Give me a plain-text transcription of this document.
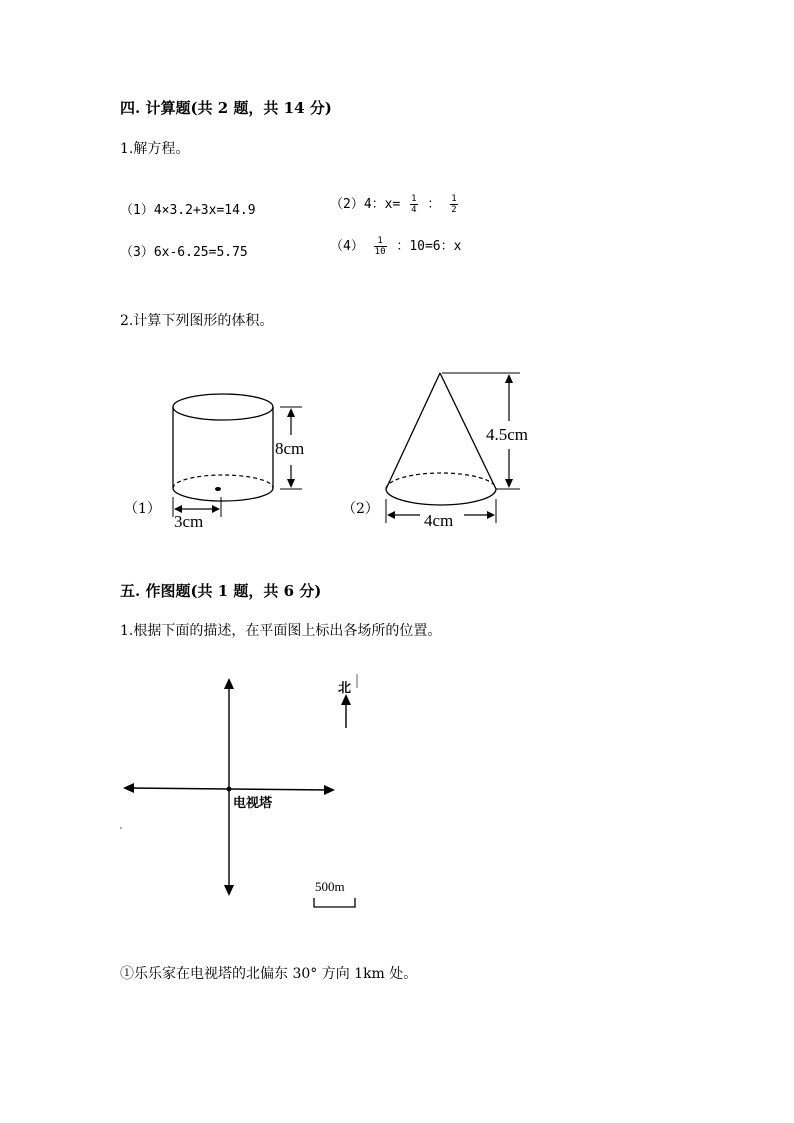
四. 计算题(共 2 题，共 14 分)
1.解方程。
（1）4×3.2+3x=14.9	（2）4：$x= \frac{1}{4}$ ： $\frac{1}{2}$
（3）6x-6.25=5.75	$(4) \frac{1}{10}$ ：10=6：x
2.计算下列图形的体积。
（1）
8cm
3cm
（2）
4.5cm
4cm
五. 作图题(共 1 题，共 6 分)
1.根据下面的描述，在平面图上标出各场所的位置。
北
电视塔
500m
①乐乐家在电视塔的北偏东 30° 方向 1km 处。
